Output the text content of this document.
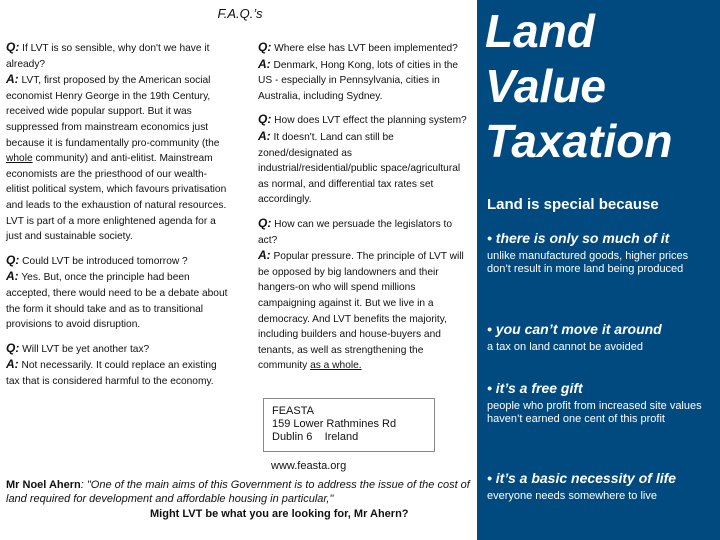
F.A.Q.’s

Q: If LVT is so sensible, why don't we have it already?
A: LVT, first proposed by the American social economist Henry George in the 19th Century, received wide popular support. But it was suppressed from mainstream economics just because it is fundamentally pro-community (the whole community) and anti-elitist. Mainstream economists are the priesthood of our wealth-elitist political system, which favours privatisation and leads to the exhaustion of natural resources. LVT is part of a more enlightened agenda for a just and sustainable society.

Q: Could LVT be introduced tomorrow ?
A: Yes. But, once the principle had been accepted, there would need to be a debate about the form it should take and as to transitional provisions to avoid disruption.

Q: Will LVT be yet another tax?
A: Not necessarily. It could replace an existing tax that is considered harmful to the economy.

Q: Where else has LVT been implemented?
A: Denmark, Hong Kong, lots of cities in the US - especially in Pennsylvania, cities in Australia, including Sydney.

Q: How does LVT effect the planning system?
A: It doesn't. Land can still be zoned/designated as industrial/residential/public space/agricultural as normal, and differential tax rates set accordingly.

Q: How can we persuade the legislators to act?
A: Popular pressure. The principle of LVT will be opposed by big landowners and their hangers-on who will spend millions campaigning against it. But we live in a democracy. And LVT benefits the majority, including builders and house-buyers and tenants, as well as strengthening the community as a whole.

FEASTA
159 Lower Rathmines Rd
Dublin 6    Ireland
www.feasta.org
Mr Noel Ahern: "One of the main aims of this Government is to address the issue of the cost of land required for development and affordable housing in particular,"
Might LVT be what you are looking for, Mr Ahern?
Land
Value
Taxation
Land is special because
• there is only so much of it
unlike manufactured goods, higher prices don’t result in more land being produced
• you can’t move it around
a tax on land cannot be avoided
• it’s a free gift
people who profit from increased site values haven’t earned one cent of this profit
• it’s a basic necessity of life
everyone needs somewhere to live
